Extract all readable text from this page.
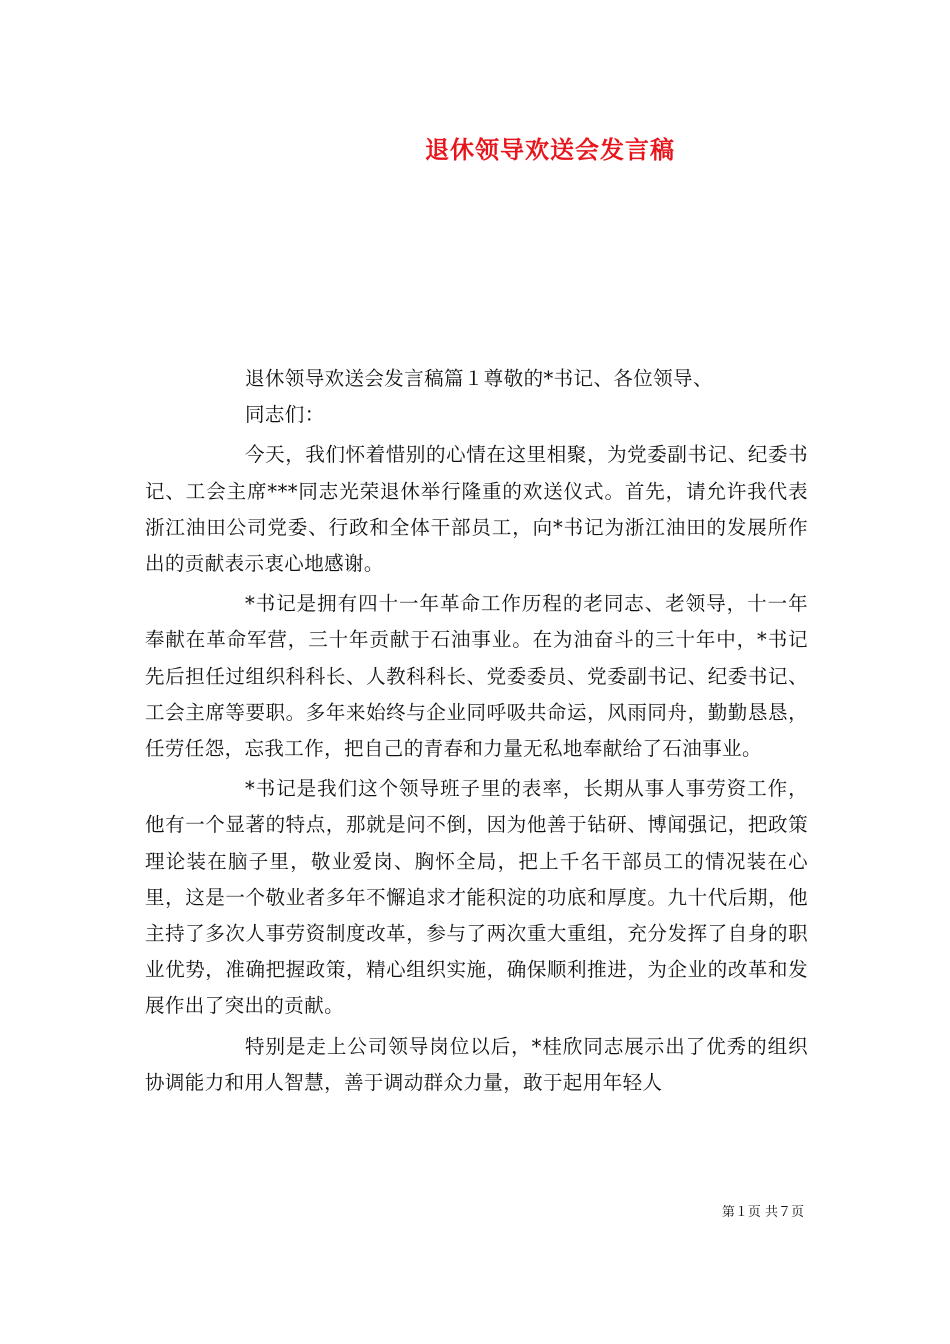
退休领导欢送会发言稿

退休领导欢送会发言稿篇１尊敬的*书记、各位领导、

同志们：

今天，我们怀着惜别的心情在这里相聚，为党委副书记、纪委书记、工会主席***同志光荣退休举行隆重的欢送仪式。首先，请允许我代表浙江油田公司党委、行政和全体干部员工，向*书记为浙江油田的发展所作出的贡献表示衷心地感谢。

*书记是拥有四十一年革命工作历程的老同志、老领导，十一年奉献在革命军营，三十年贡献于石油事业。在为油奋斗的三十年中，*书记先后担任过组织科科长、人教科科长、党委委员、党委副书记、纪委书记、工会主席等要职。多年来始终与企业同呼吸共命运，风雨同舟，勤勤恳恳，任劳任怨，忘我工作，把自己的青春和力量无私地奉献给了石油事业。

*书记是我们这个领导班子里的表率，长期从事人事劳资工作，他有一个显著的特点，那就是问不倒，因为他善于钻研、博闻强记，把政策理论装在脑子里，敬业爱岗、胸怀全局，把上千名干部员工的情况装在心里，这是一个敬业者多年不懈追求才能积淀的功底和厚度。九十代后期，他主持了多次人事劳资制度改革，参与了两次重大重组，充分发挥了自身的职业优势，准确把握政策，精心组织实施，确保顺利推进，为企业的改革和发展作出了突出的贡献。

特别是走上公司领导岗位以后，*桂欣同志展示出了优秀的组织协调能力和用人智慧，善于调动群众力量，敢于起用年轻人

第１页 共７页
